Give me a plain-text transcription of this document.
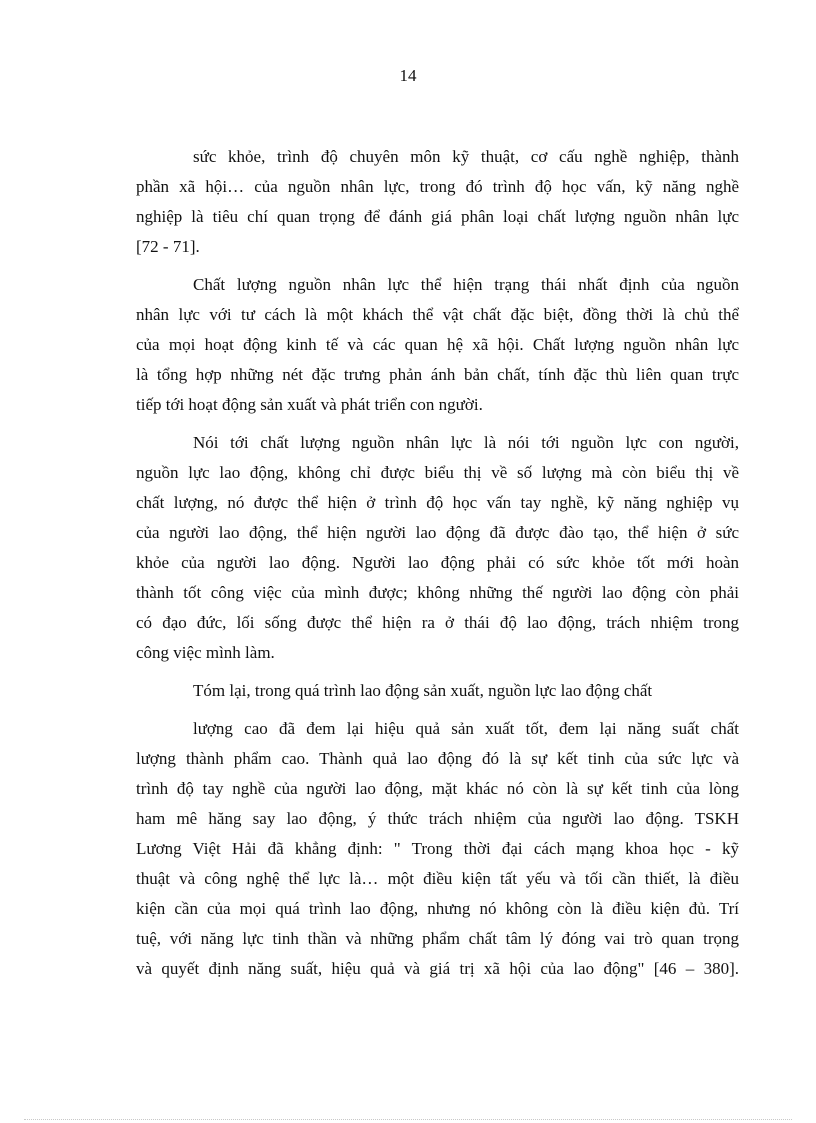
14
sức khỏe, trình độ chuyên môn kỹ thuật, cơ cấu nghề nghiệp, thành
phần xã hội… của nguồn nhân lực, trong đó trình độ học vấn, kỹ năng nghề
nghiệp là tiêu chí quan trọng để đánh giá phân loại chất lượng nguồn nhân lực
[72 - 71].
Chất lượng nguồn nhân lực thể hiện trạng thái nhất định của nguồn
nhân lực với tư cách là một khách thể vật chất đặc biệt, đồng thời là chủ thể
của mọi hoạt động kinh tế và các quan hệ xã hội. Chất lượng nguồn nhân lực
là tổng hợp những nét đặc trưng phản ánh bản chất, tính đặc thù liên quan trực
tiếp tới hoạt động sản xuất và phát triển con người.
Nói tới chất lượng nguồn nhân lực là nói tới nguồn lực con người,
nguồn lực lao động, không chỉ được biểu thị về số lượng mà còn biểu thị về
chất lượng, nó được thể hiện ở trình độ học vấn tay nghề, kỹ năng nghiệp vụ
của người lao động, thể hiện người lao động đã được đào tạo, thể hiện ở sức
khỏe của người lao động. Người lao động phải có sức khỏe tốt mới hoàn
thành tốt công việc của mình được; không những thế người lao động còn phải
có đạo đức, lối sống được thể hiện ra ở thái độ lao động, trách nhiệm trong
công việc mình làm.
Tóm lại, trong quá trình lao động sản xuất, nguồn lực lao động chất
lượng cao đã đem lại hiệu quả sản xuất tốt, đem lại năng suất chất
lượng thành phẩm cao. Thành quả lao động đó là sự kết tinh của sức lực và
trình độ tay nghề của người lao động, mặt khác nó còn là sự kết tinh của lòng
ham mê hăng say lao động, ý thức trách nhiệm của người lao động. TSKH
Lương Việt Hải đã khẳng định: " Trong thời đại cách mạng khoa học - kỹ
thuật và công nghệ thể lực là… một điều kiện tất yếu và tối cần thiết, là điều
kiện cần của mọi quá trình lao động, nhưng nó không còn là điều kiện đủ. Trí
tuệ, với năng lực tinh thần và những phẩm chất tâm lý đóng vai trò quan trọng
và quyết định năng suất, hiệu quả và giá trị xã hội của lao động" [46 – 380].
